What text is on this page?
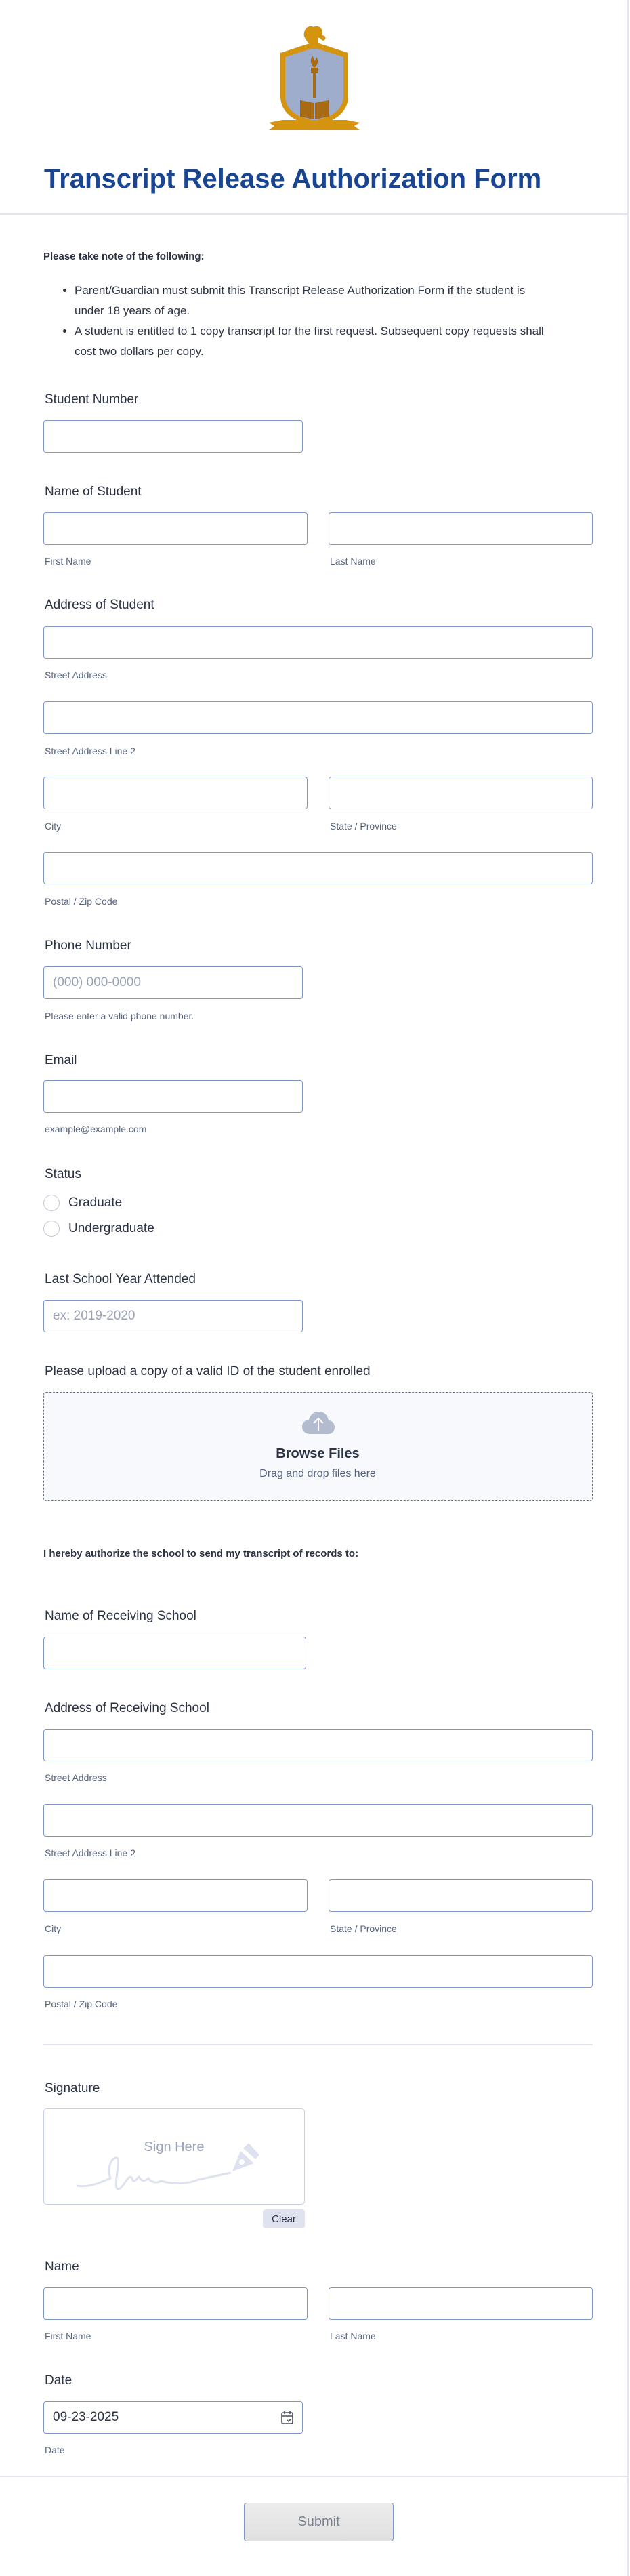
Transcript Release Authorization Form
Please take note of the following:
• Parent/Guardian must submit this Transcript Release Authorization Form if the student is under 18 years of age.
• A student is entitled to 1 copy transcript for the first request. Subsequent copy requests shall cost two dollars per copy.
Student Number
Name of Student
First Name	Last Name
Address of Student
Street Address
Street Address Line 2
City	State / Province
Postal / Zip Code
Phone Number
(000) 000-0000
Please enter a valid phone number.
Email
example@example.com
Status
Graduate
Undergraduate
Last School Year Attended
ex: 2019-2020
Please upload a copy of a valid ID of the student enrolled
Browse Files
Drag and drop files here
I hereby authorize the school to send my transcript of records to:
Name of Receiving School
Address of Receiving School
Street Address
Street Address Line 2
City	State / Province
Postal / Zip Code
Signature
Sign Here
Clear
Name
First Name	Last Name
Date
09-23-2025
Date
Submit
